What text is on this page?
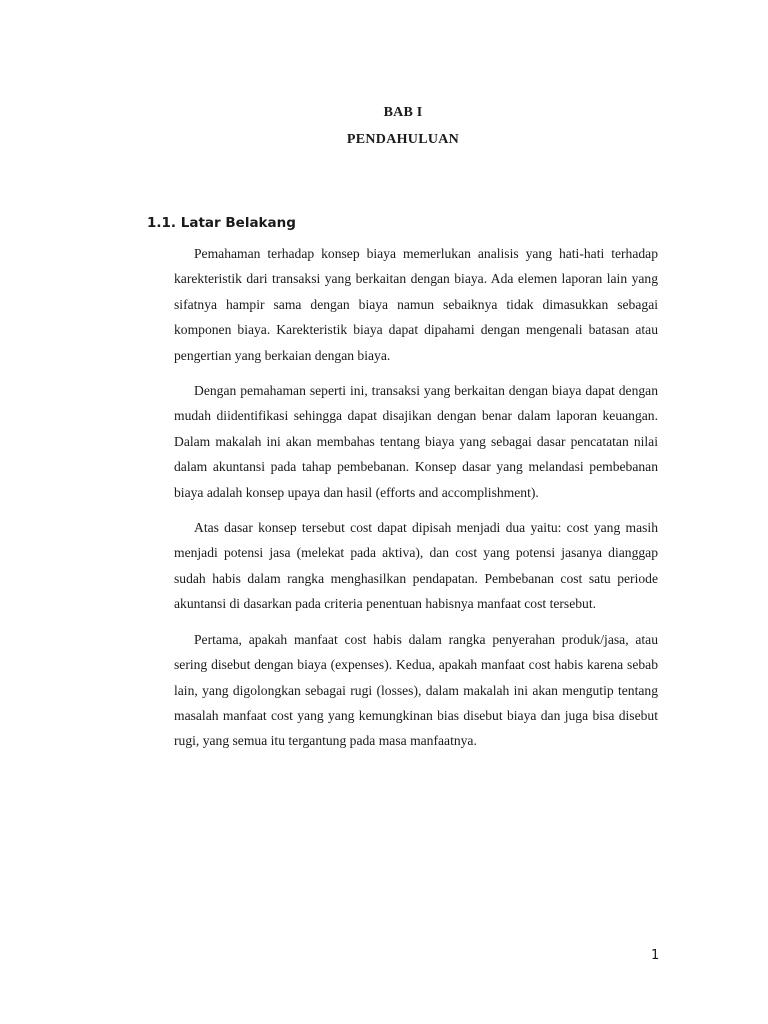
BAB I
PENDAHULUAN
1.1. Latar Belakang

Pemahaman terhadap konsep biaya memerlukan analisis yang hati-hati terhadap karekteristik dari transaksi yang berkaitan dengan biaya. Ada elemen laporan lain yang sifatnya hampir sama dengan biaya namun sebaiknya tidak dimasukkan sebagai komponen biaya. Karekteristik biaya dapat dipahami dengan mengenali batasan atau pengertian yang berkaian dengan biaya.

Dengan pemahaman seperti ini, transaksi yang berkaitan dengan biaya dapat dengan mudah diidentifikasi sehingga dapat disajikan dengan benar dalam laporan keuangan. Dalam makalah ini akan membahas tentang biaya yang sebagai dasar pencatatan nilai dalam akuntansi pada tahap pembebanan. Konsep dasar yang melandasi pembebanan biaya adalah konsep upaya dan hasil (efforts and accomplishment).

Atas dasar konsep tersebut cost dapat dipisah menjadi dua yaitu: cost yang masih menjadi potensi jasa (melekat pada aktiva), dan cost yang potensi jasanya dianggap sudah habis dalam rangka menghasilkan pendapatan. Pembebanan cost satu periode akuntansi di dasarkan pada criteria penentuan habisnya manfaat cost tersebut.

Pertama, apakah manfaat cost habis dalam rangka penyerahan produk/jasa, atau sering disebut dengan biaya (expenses). Kedua, apakah manfaat cost habis karena sebab lain, yang digolongkan sebagai rugi (losses), dalam makalah ini akan mengutip tentang masalah manfaat cost yang yang kemungkinan bias disebut biaya dan juga bisa disebut rugi, yang semua itu tergantung pada masa manfaatnya.

1
